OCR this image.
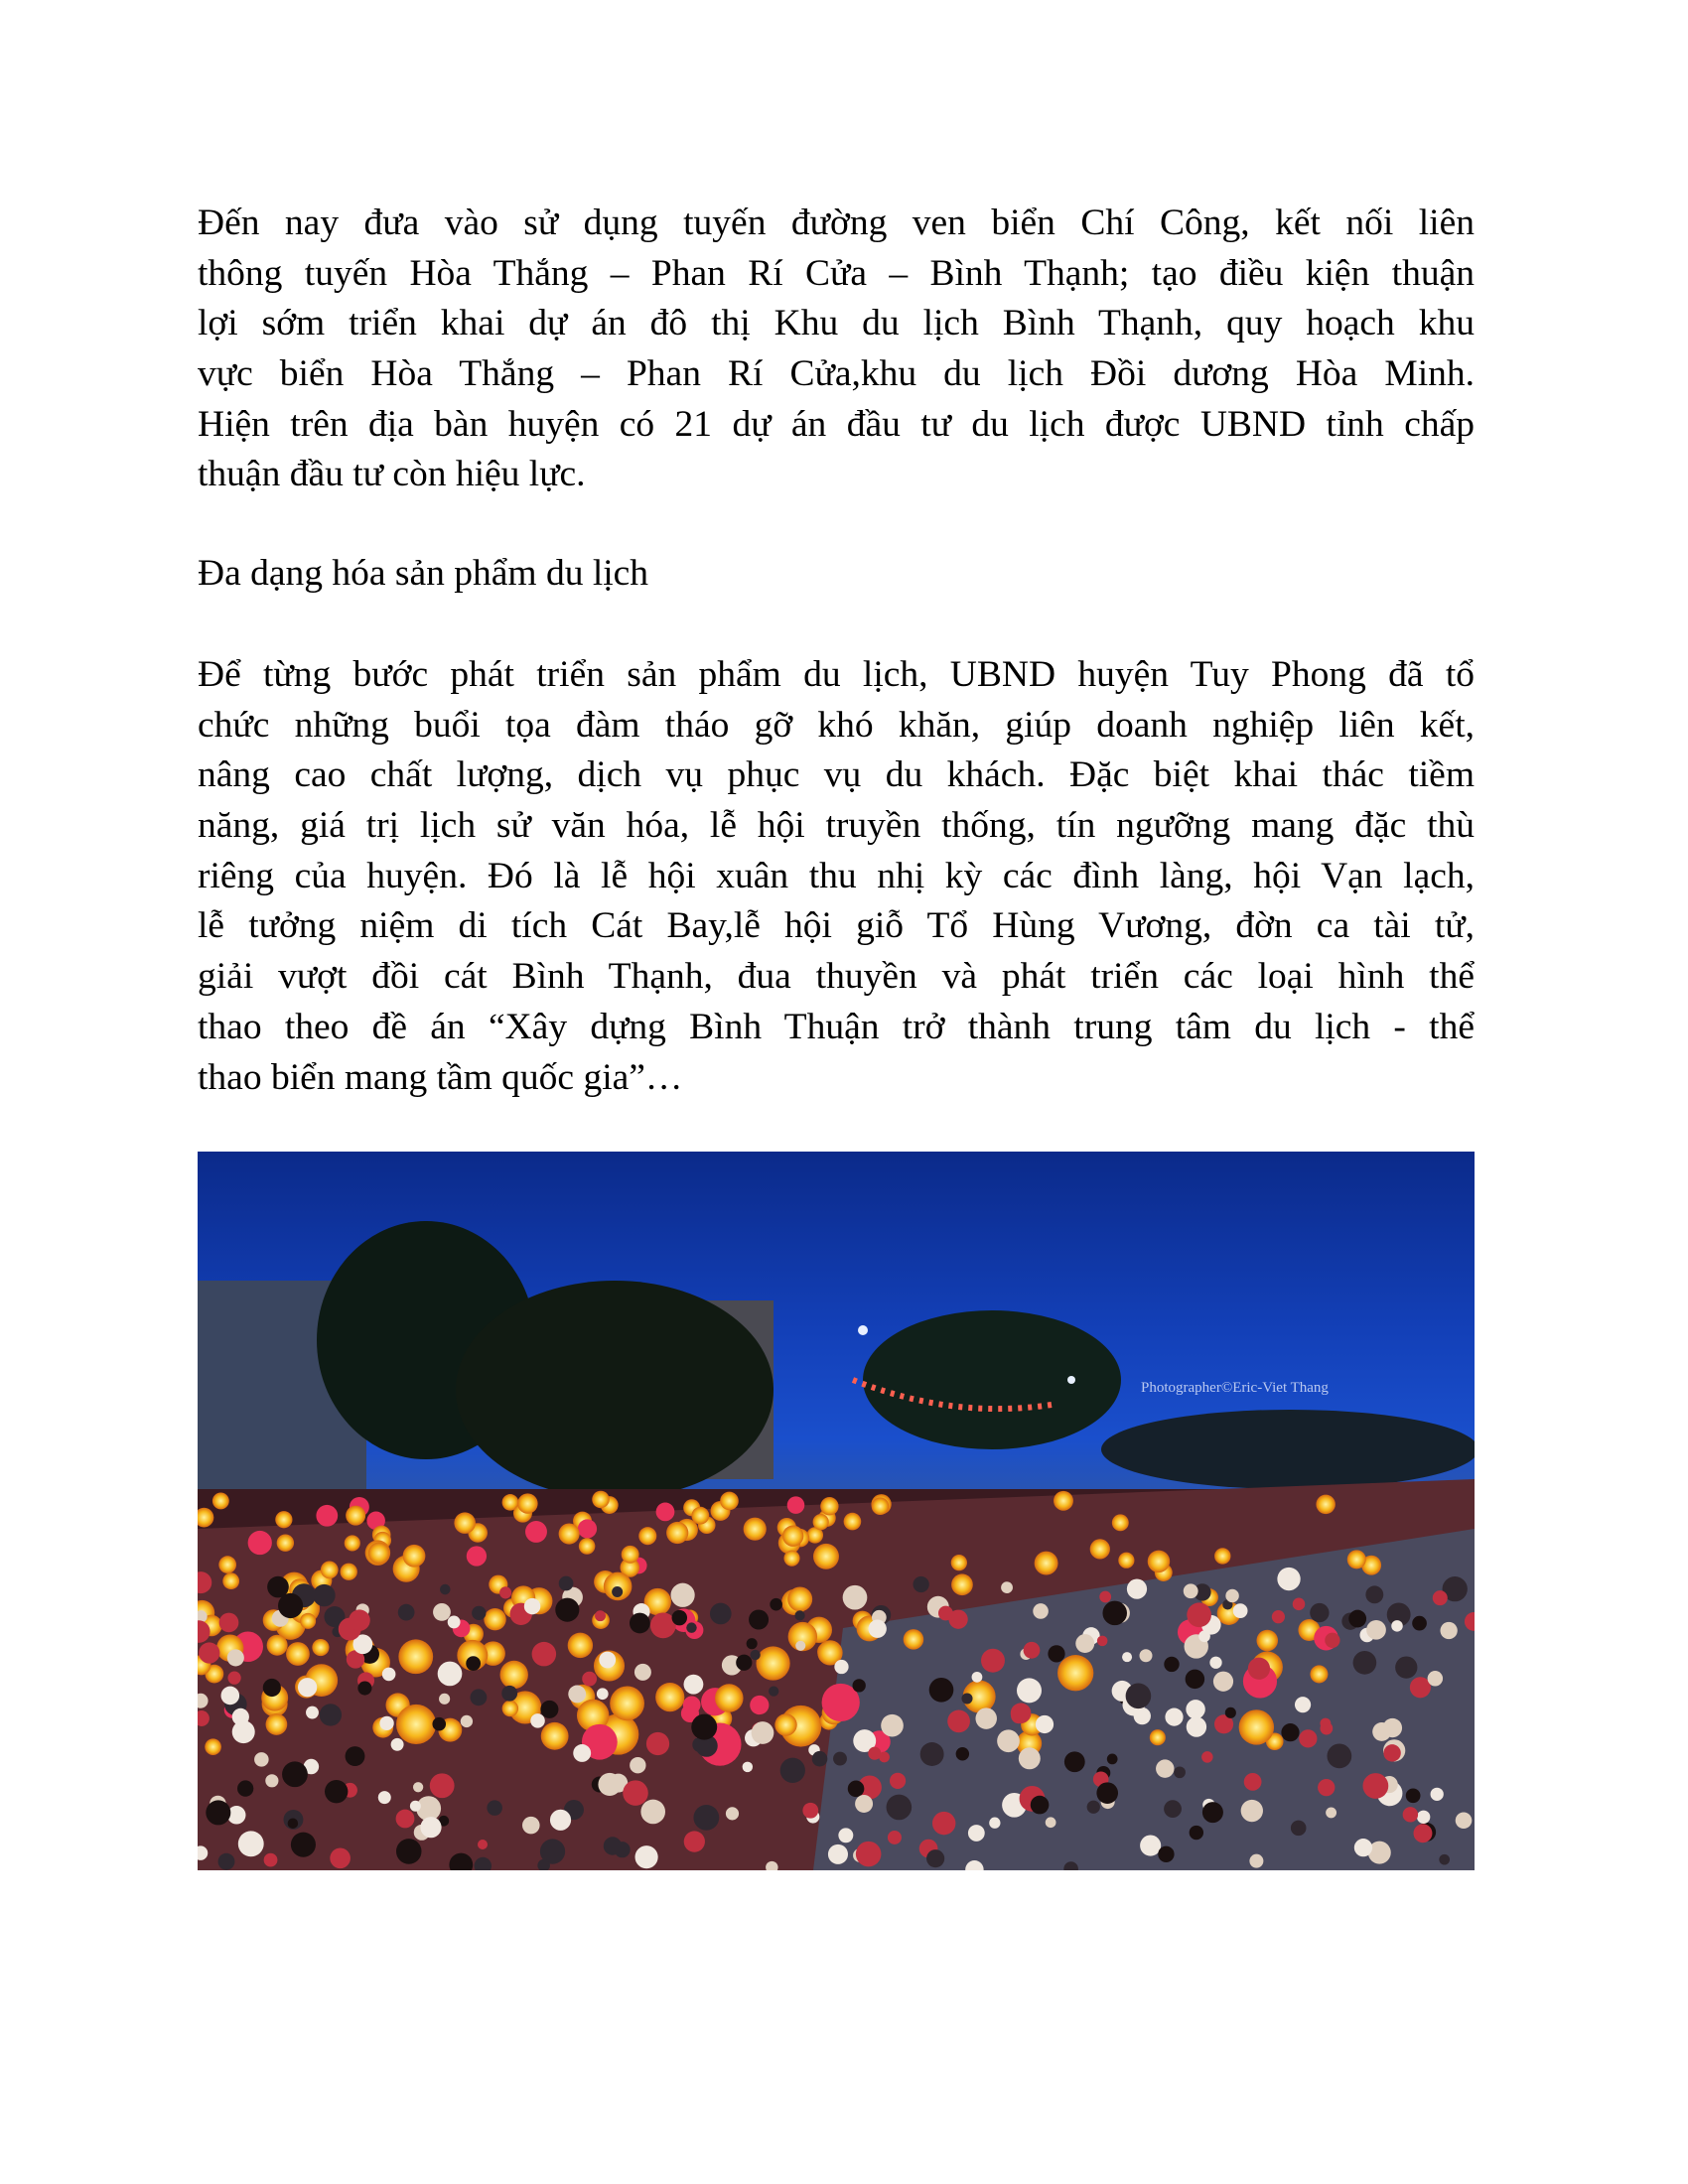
Đến nay đưa vào sử dụng tuyến đường ven biển Chí Công, kết nối liên
thông tuyến Hòa Thắng – Phan Rí Cửa – Bình Thạnh; tạo điều kiện thuận
lợi sớm triển khai dự án đô thị Khu du lịch Bình Thạnh, quy hoạch khu
vực biển Hòa Thắng – Phan Rí Cửa,khu du lịch Đồi dương Hòa Minh.
Hiện trên địa bàn huyện có 21 dự án đầu tư du lịch được UBND tỉnh chấp
thuận đầu tư còn hiệu lực.
Đa dạng hóa sản phẩm du lịch
Để từng bước phát triển sản phẩm du lịch, UBND huyện Tuy Phong đã tổ
chức những buổi tọa đàm tháo gỡ khó khăn, giúp doanh nghiệp liên kết,
nâng cao chất lượng, dịch vụ phục vụ du khách. Đặc biệt khai thác tiềm
năng, giá trị lịch sử văn hóa, lễ hội truyền thống, tín ngưỡng mang đặc thù
riêng của huyện. Đó là lễ hội xuân thu nhị kỳ các đình làng, hội Vạn lạch,
lễ tưởng niệm di tích Cát Bay,lễ hội giỗ Tổ Hùng Vương, đờn ca tài tử,
giải vượt đồi cát Bình Thạnh, đua thuyền và phát triển các loại hình thể
thao theo đề án “Xây dựng Bình Thuận trở thành trung tâm du lịch - thể
thao biển mang tầm quốc gia”…
Photographer©Eric-Viet Thang
